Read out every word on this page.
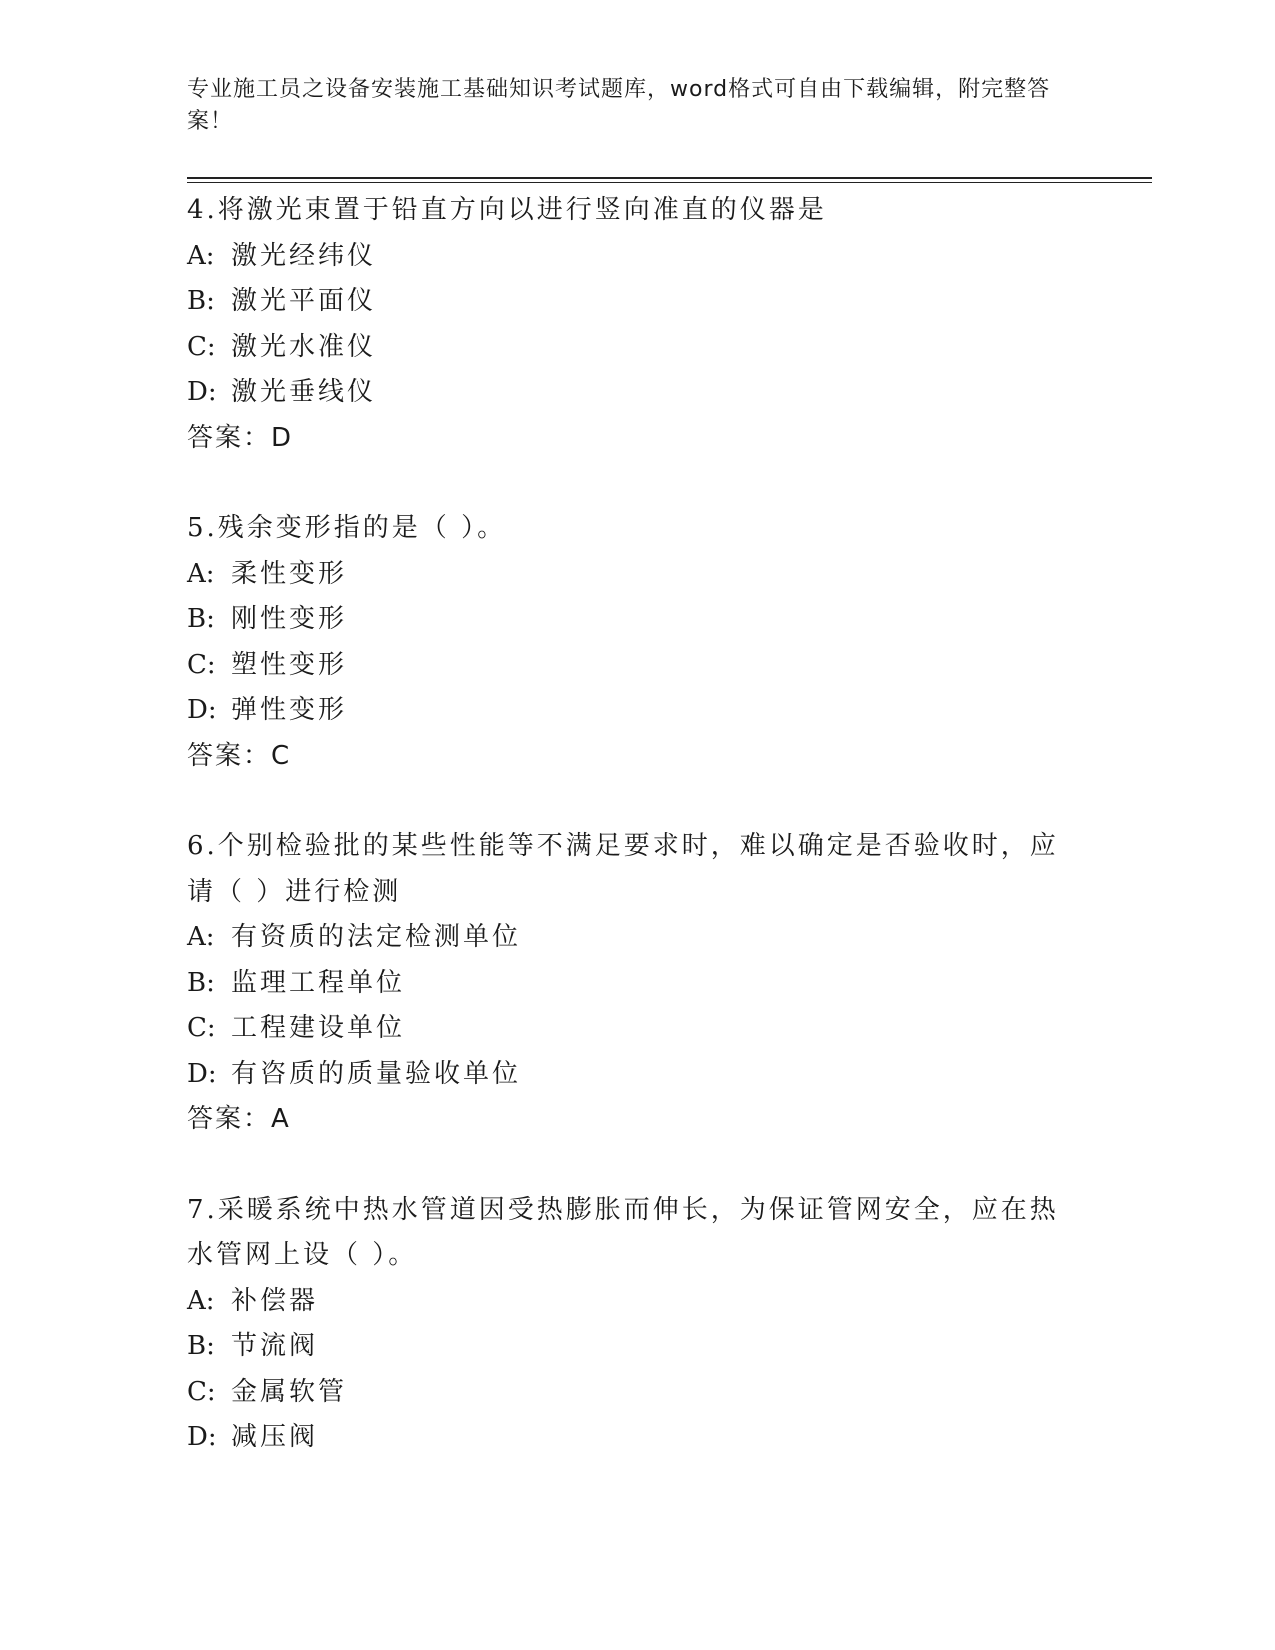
专业施工员之设备安装施工基础知识考试题库，word格式可自由下载编辑，附完整答案！

4.将激光束置于铅直方向以进行竖向准直的仪器是

A: 激光经纬仪

B: 激光平面仪

C: 激光水准仪

D: 激光垂线仪

答案：D

5.残余变形指的是（ ）。

A: 柔性变形

B: 刚性变形

C: 塑性变形

D: 弹性变形

答案：C

6.个别检验批的某些性能等不满足要求时，难以确定是否验收时，应请（ ）进行检测

A: 有资质的法定检测单位

B: 监理工程单位

C: 工程建设单位

D: 有咨质的质量验收单位

答案：A

7.采暖系统中热水管道因受热膨胀而伸长，为保证管网安全，应在热水管网上设（ ）。

A: 补偿器

B: 节流阀

C: 金属软管

D: 减压阀
